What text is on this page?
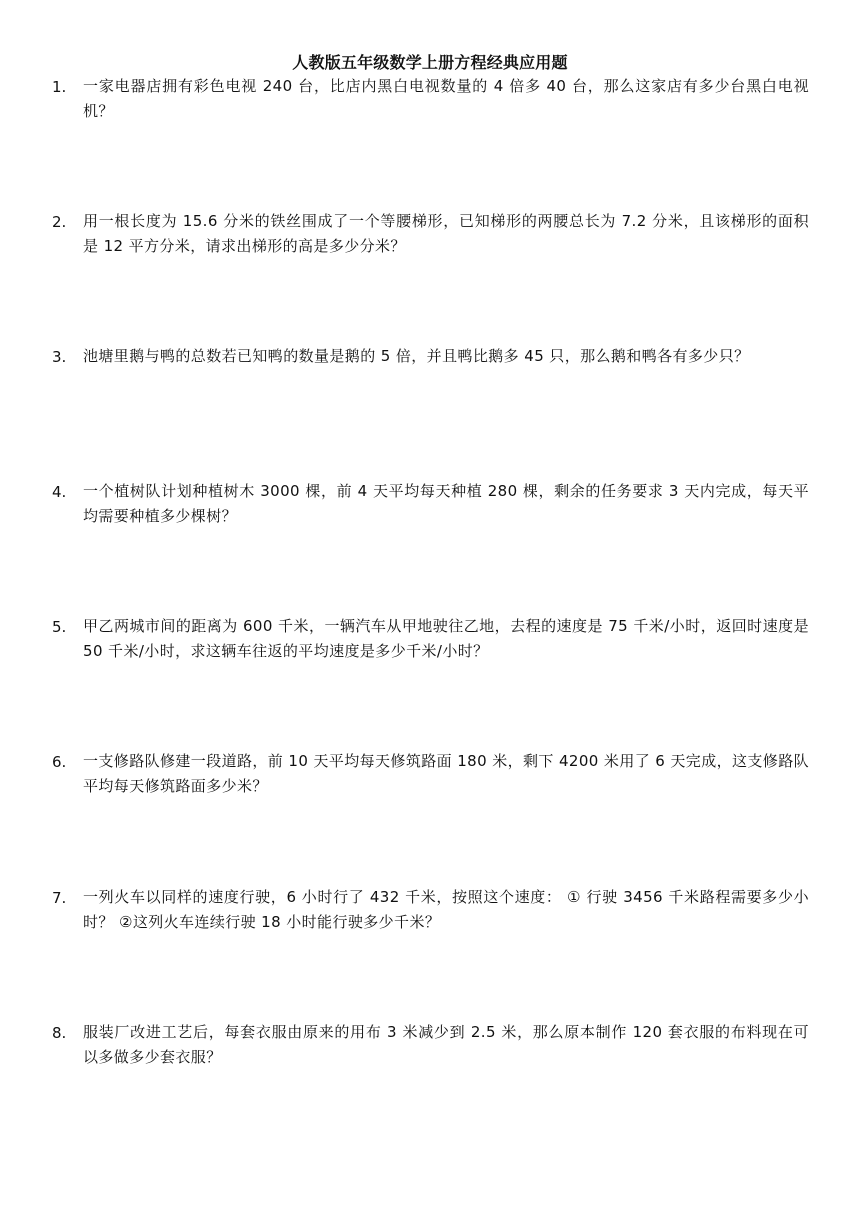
人教版五年级数学上册方程经典应用题
1.	一家电器店拥有彩色电视 240 台，比店内黑白电视数量的 4 倍多 40 台，那么这家店有多少台黑白电视机？
2.	用一根长度为 15.6 分米的铁丝围成了一个等腰梯形，已知梯形的两腰总长为 7.2 分米，且该梯形的面积是 12 平方分米，请求出梯形的高是多少分米？
3.	池塘里鹅与鸭的总数若已知鸭的数量是鹅的 5 倍，并且鸭比鹅多 45 只，那么鹅和鸭各有多少只？
4.	一个植树队计划种植树木 3000 棵，前 4 天平均每天种植 280 棵，剩余的任务要求 3 天内完成，每天平均需要种植多少棵树？
5.	甲乙两城市间的距离为 600 千米，一辆汽车从甲地驶往乙地，去程的速度是 75 千米/小时，返回时速度是 50 千米/小时，求这辆车往返的平均速度是多少千米/小时？
6.	一支修路队修建一段道路，前 10 天平均每天修筑路面 180 米，剩下 4200 米用了 6 天完成，这支修路队平均每天修筑路面多少米？
7.	一列火车以同样的速度行驶，6 小时行了 432 千米，按照这个速度： ① 行驶 3456 千米路程需要多少小时？ ②这列火车连续行驶 18 小时能行驶多少千米？
8.	服装厂改进工艺后，每套衣服由原来的用布 3 米减少到 2.5 米，那么原本制作 120 套衣服的布料现在可以多做多少套衣服？
